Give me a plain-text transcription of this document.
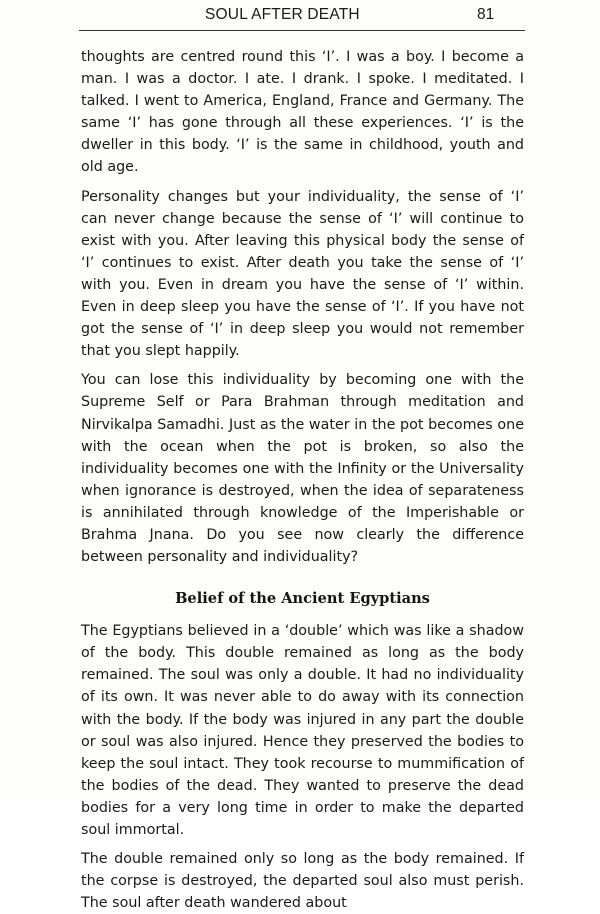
SOUL AFTER DEATH	81

thoughts are centred round this ‘I’. I was a boy. I become a man. I was a doctor. I ate. I drank. I spoke. I meditated. I talked. I went to America, England, France and Germany. The same ‘I’ has gone through all these experiences. ‘I’ is the dweller in this body. ‘I’ is the same in childhood, youth and old age.

Personality changes but your individuality, the sense of ‘I’ can never change because the sense of ‘I’ will continue to exist with you. After leaving this physical body the sense of ‘I’ continues to exist. After death you take the sense of ‘I’ with you. Even in dream you have the sense of ‘I’ within. Even in deep sleep you have the sense of ‘I’. If you have not got the sense of ‘I’ in deep sleep you would not remember that you slept happily.

You can lose this individuality by becoming one with the Supreme Self or Para Brahman through meditation and Nirvikalpa Samadhi. Just as the water in the pot becomes one with the ocean when the pot is broken, so also the individuality becomes one with the Infinity or the Universality when ignorance is destroyed, when the idea of separateness is annihilated through knowledge of the Imperishable or Brahma Jnana. Do you see now clearly the difference between personality and individuality?

Belief of the Ancient Egyptians

The Egyptians believed in a ‘double’ which was like a shadow of the body. This double remained as long as the body remained. The soul was only a double. It had no individuality of its own. It was never able to do away with its connection with the body. If the body was injured in any part the double or soul was also injured. Hence they preserved the bodies to keep the soul intact. They took recourse to mummification of the bodies of the dead. They wanted to preserve the dead bodies for a very long time in order to make the departed soul immortal.

The double remained only so long as the body remained. If the corpse is destroyed, the departed soul also must perish. The soul after death wandered about
